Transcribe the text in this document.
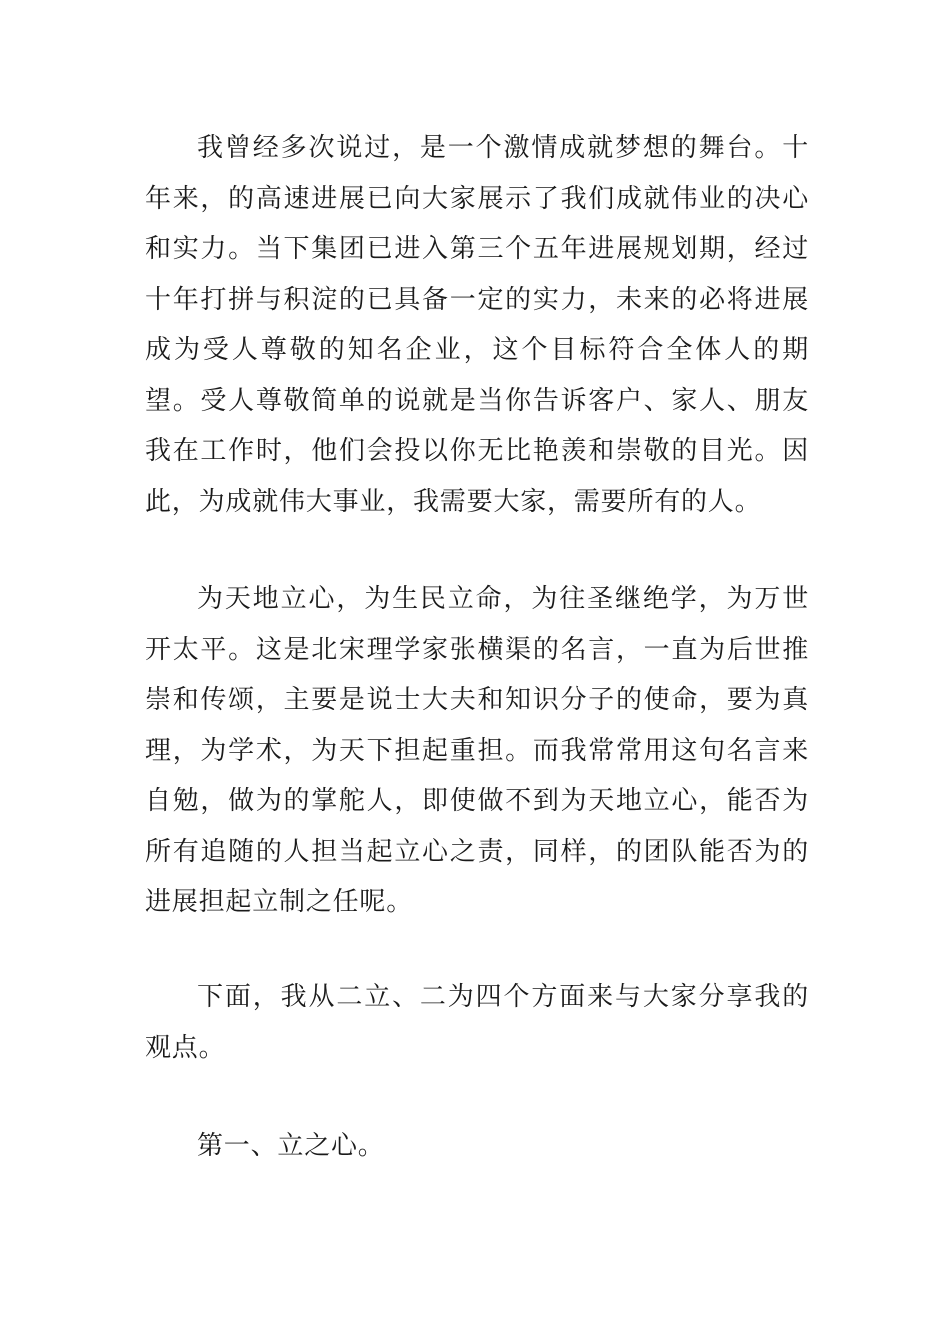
我曾经多次说过，是一个激情成就梦想的舞台。十年来，的高速进展已向大家展示了我们成就伟业的决心和实力。当下集团已进入第三个五年进展规划期，经过十年打拼与积淀的已具备一定的实力，未来的必将进展成为受人尊敬的知名企业，这个目标符合全体人的期望。受人尊敬简单的说就是当你告诉客户、家人、朋友我在工作时，他们会投以你无比艳羡和崇敬的目光。因此，为成就伟大事业，我需要大家，需要所有的人。

为天地立心，为生民立命，为往圣继绝学，为万世开太平。这是北宋理学家张横渠的名言，一直为后世推崇和传颂，主要是说士大夫和知识分子的使命，要为真理，为学术，为天下担起重担。而我常常用这句名言来自勉，做为的掌舵人，即使做不到为天地立心，能否为所有追随的人担当起立心之责，同样，的团队能否为的进展担起立制之任呢。

下面，我从二立、二为四个方面来与大家分享我的观点。

第一、立之心。
